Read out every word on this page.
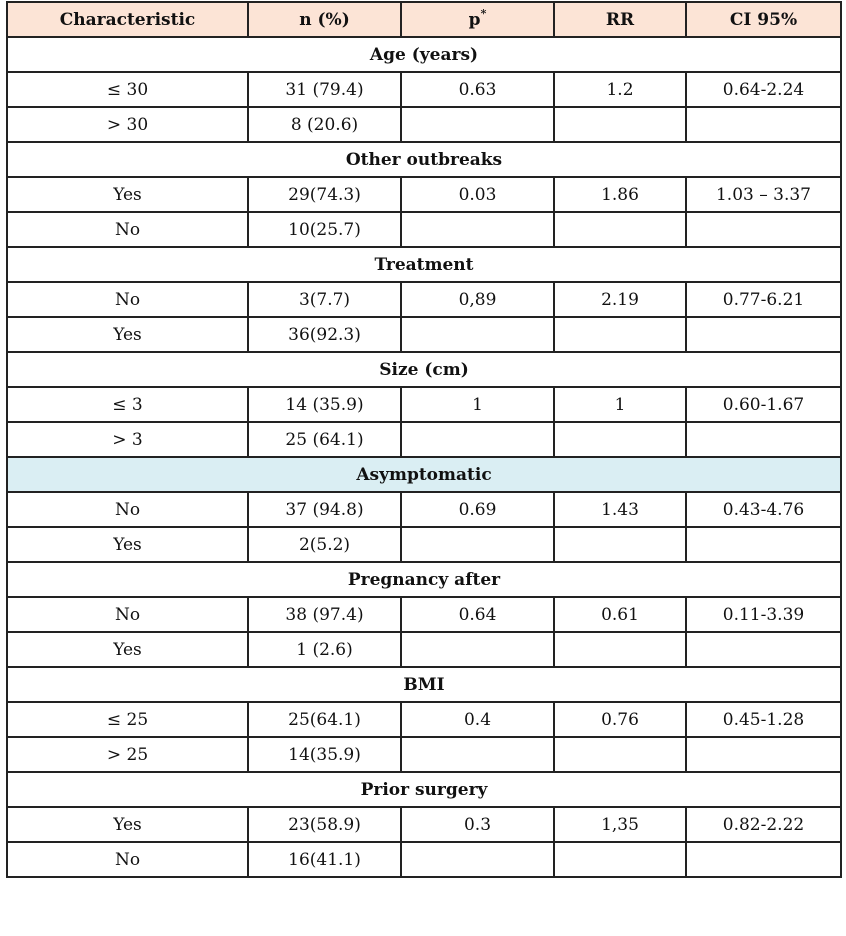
Characteristic	n (%)	p*	RR	CI 95%
Age (years)				
≤ 30	31 (79.4)	0.63	1.2	0.64-2.24
> 30	8 (20.6)			
Other outbreaks				
Yes	29(74.3)	0.03	1.86	1.03 – 3.37
No	10(25.7)			
Treatment				
No	3(7.7)	0,89	2.19	0.77-6.21
Yes	36(92.3)			
Size (cm)				
≤ 3	14 (35.9)	1	1	0.60-1.67
> 3	25 (64.1)			
Asymptomatic				
No	37 (94.8)	0.69	1.43	0.43-4.76
Yes	2(5.2)			
Pregnancy after				
No	38 (97.4)	0.64	0.61	0.11-3.39
Yes	1 (2.6)			
BMI				
≤ 25	25(64.1)	0.4	0.76	0.45-1.28
> 25	14(35.9)			
Prior surgery				
Yes	23(58.9)	0.3	1,35	0.82-2.22
No	16(41.1)			
